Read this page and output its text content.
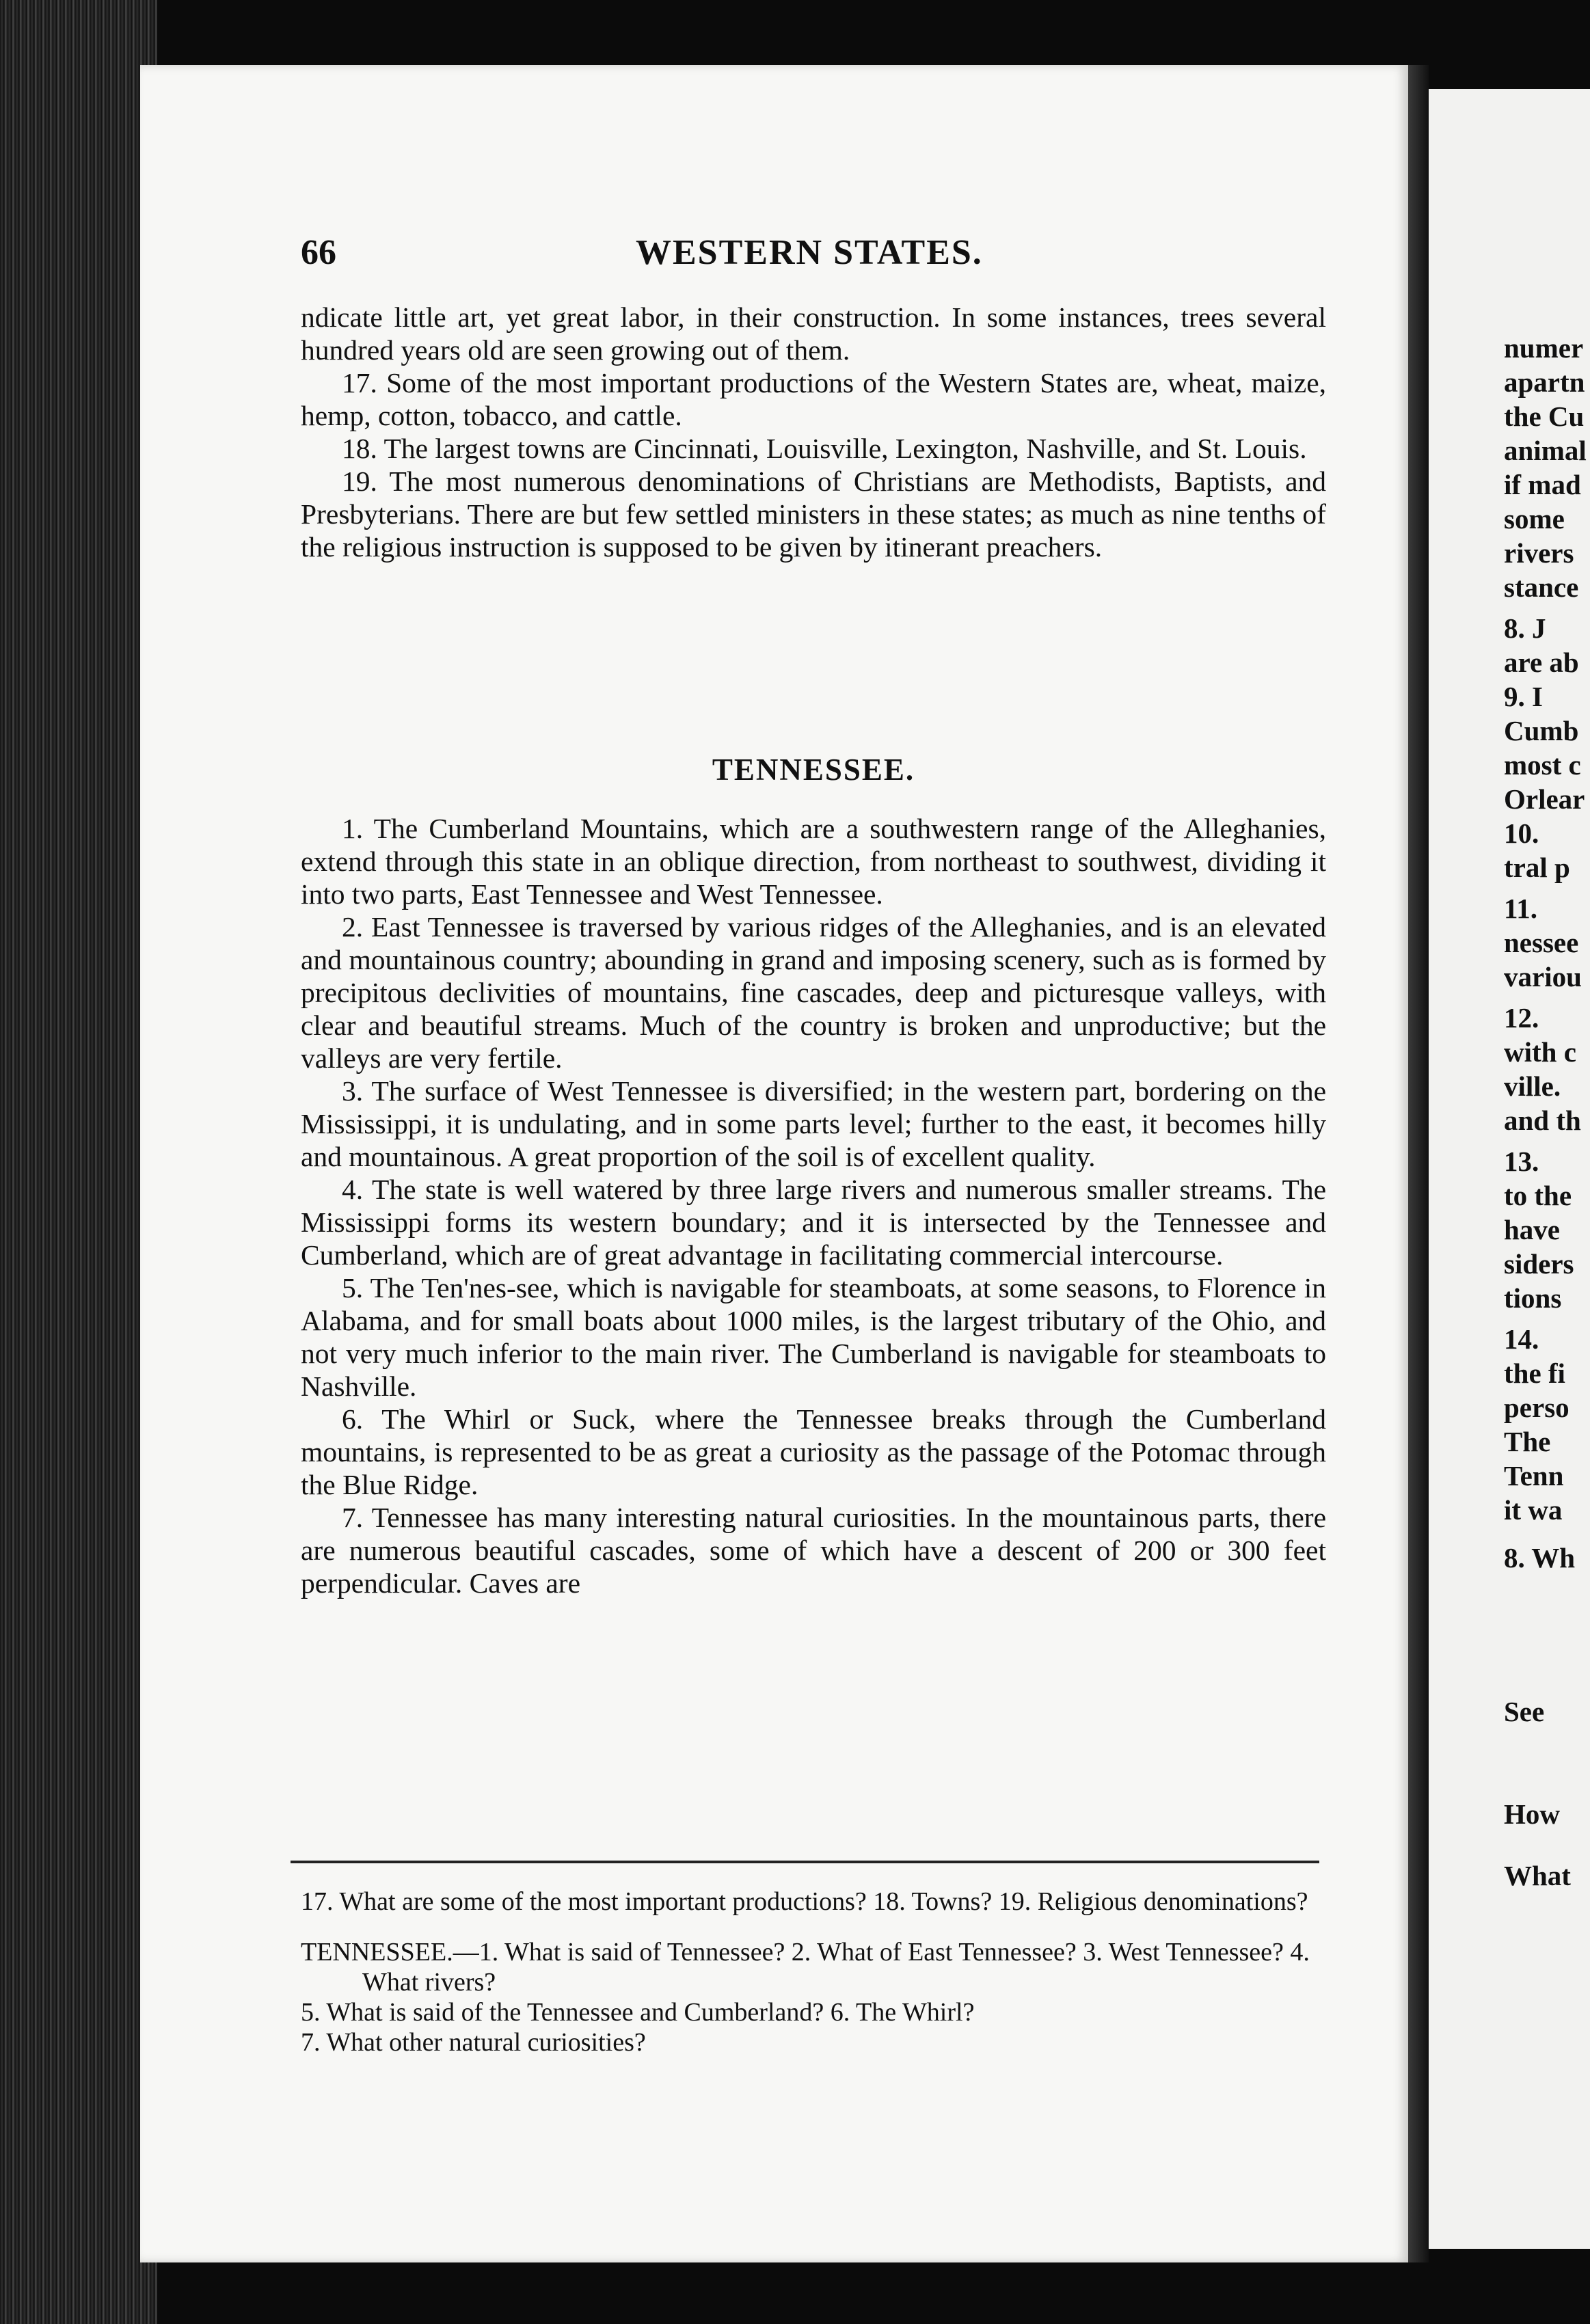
66	WESTERN STATES.

ndicate little art, yet great labor, in their construction. In some instances, trees several hundred years old are seen growing out of them.

17. Some of the most important productions of the Western States are, wheat, maize, hemp, cotton, tobacco, and cattle.

18. The largest towns are Cincinnati, Louisville, Lexington, Nashville, and St. Louis.

19. The most numerous denominations of Christians are Methodists, Baptists, and Presbyterians. There are but few settled ministers in these states; as much as nine tenths of the religious instruction is supposed to be given by itinerant preachers.

TENNESSEE.

1. The Cumberland Mountains, which are a southwestern range of the Alleghanies, extend through this state in an oblique direction, from northeast to southwest, dividing it into two parts, East Tennessee and West Tennessee.

2. East Tennessee is traversed by various ridges of the Alleghanies, and is an elevated and mountainous country; abounding in grand and imposing scenery, such as is formed by precipitous declivities of mountains, fine cascades, deep and picturesque valleys, with clear and beautiful streams. Much of the country is broken and unproductive; but the valleys are very fertile.

3. The surface of West Tennessee is diversified; in the western part, bordering on the Mississippi, it is undulating, and in some parts level; further to the east, it becomes hilly and mountainous. A great proportion of the soil is of excellent quality.

4. The state is well watered by three large rivers and numerous smaller streams. The Mississippi forms its western boundary; and it is intersected by the Tennessee and Cumberland, which are of great advantage in facilitating commercial intercourse.

5. The Ten'nes-see, which is navigable for steamboats, at some seasons, to Florence in Alabama, and for small boats about 1000 miles, is the largest tributary of the Ohio, and not very much inferior to the main river. The Cumberland is navigable for steamboats to Nashville.

6. The Whirl or Suck, where the Tennessee breaks through the Cumberland mountains, is represented to be as great a curiosity as the passage of the Potomac through the Blue Ridge.

7. Tennessee has many interesting natural curiosities. In the mountainous parts, there are numerous beautiful cascades, some of which have a descent of 200 or 300 feet perpendicular. Caves are

17. What are some of the most important productions? 18. Towns? 19. Religious denominations?

TENNESSEE.—1. What is said of Tennessee? 2. What of East Tennessee? 3. West Tennessee? 4. What rivers?

5. What is said of the Tennessee and Cumberland? 6. The Whirl?

7. What other natural curiosities?

numer
apartn
the Cu
animal
if mad
some
rivers
stance
8. J
are ab
9. I
Cumb
most c
Orlear
10.
tral p
11.
nessee
variou
12.
with c
ville.
and th
13.
to the
have
siders
tions
14.
the fi
perso
The
Tenn
it wa
8. Wh
See
How
What
